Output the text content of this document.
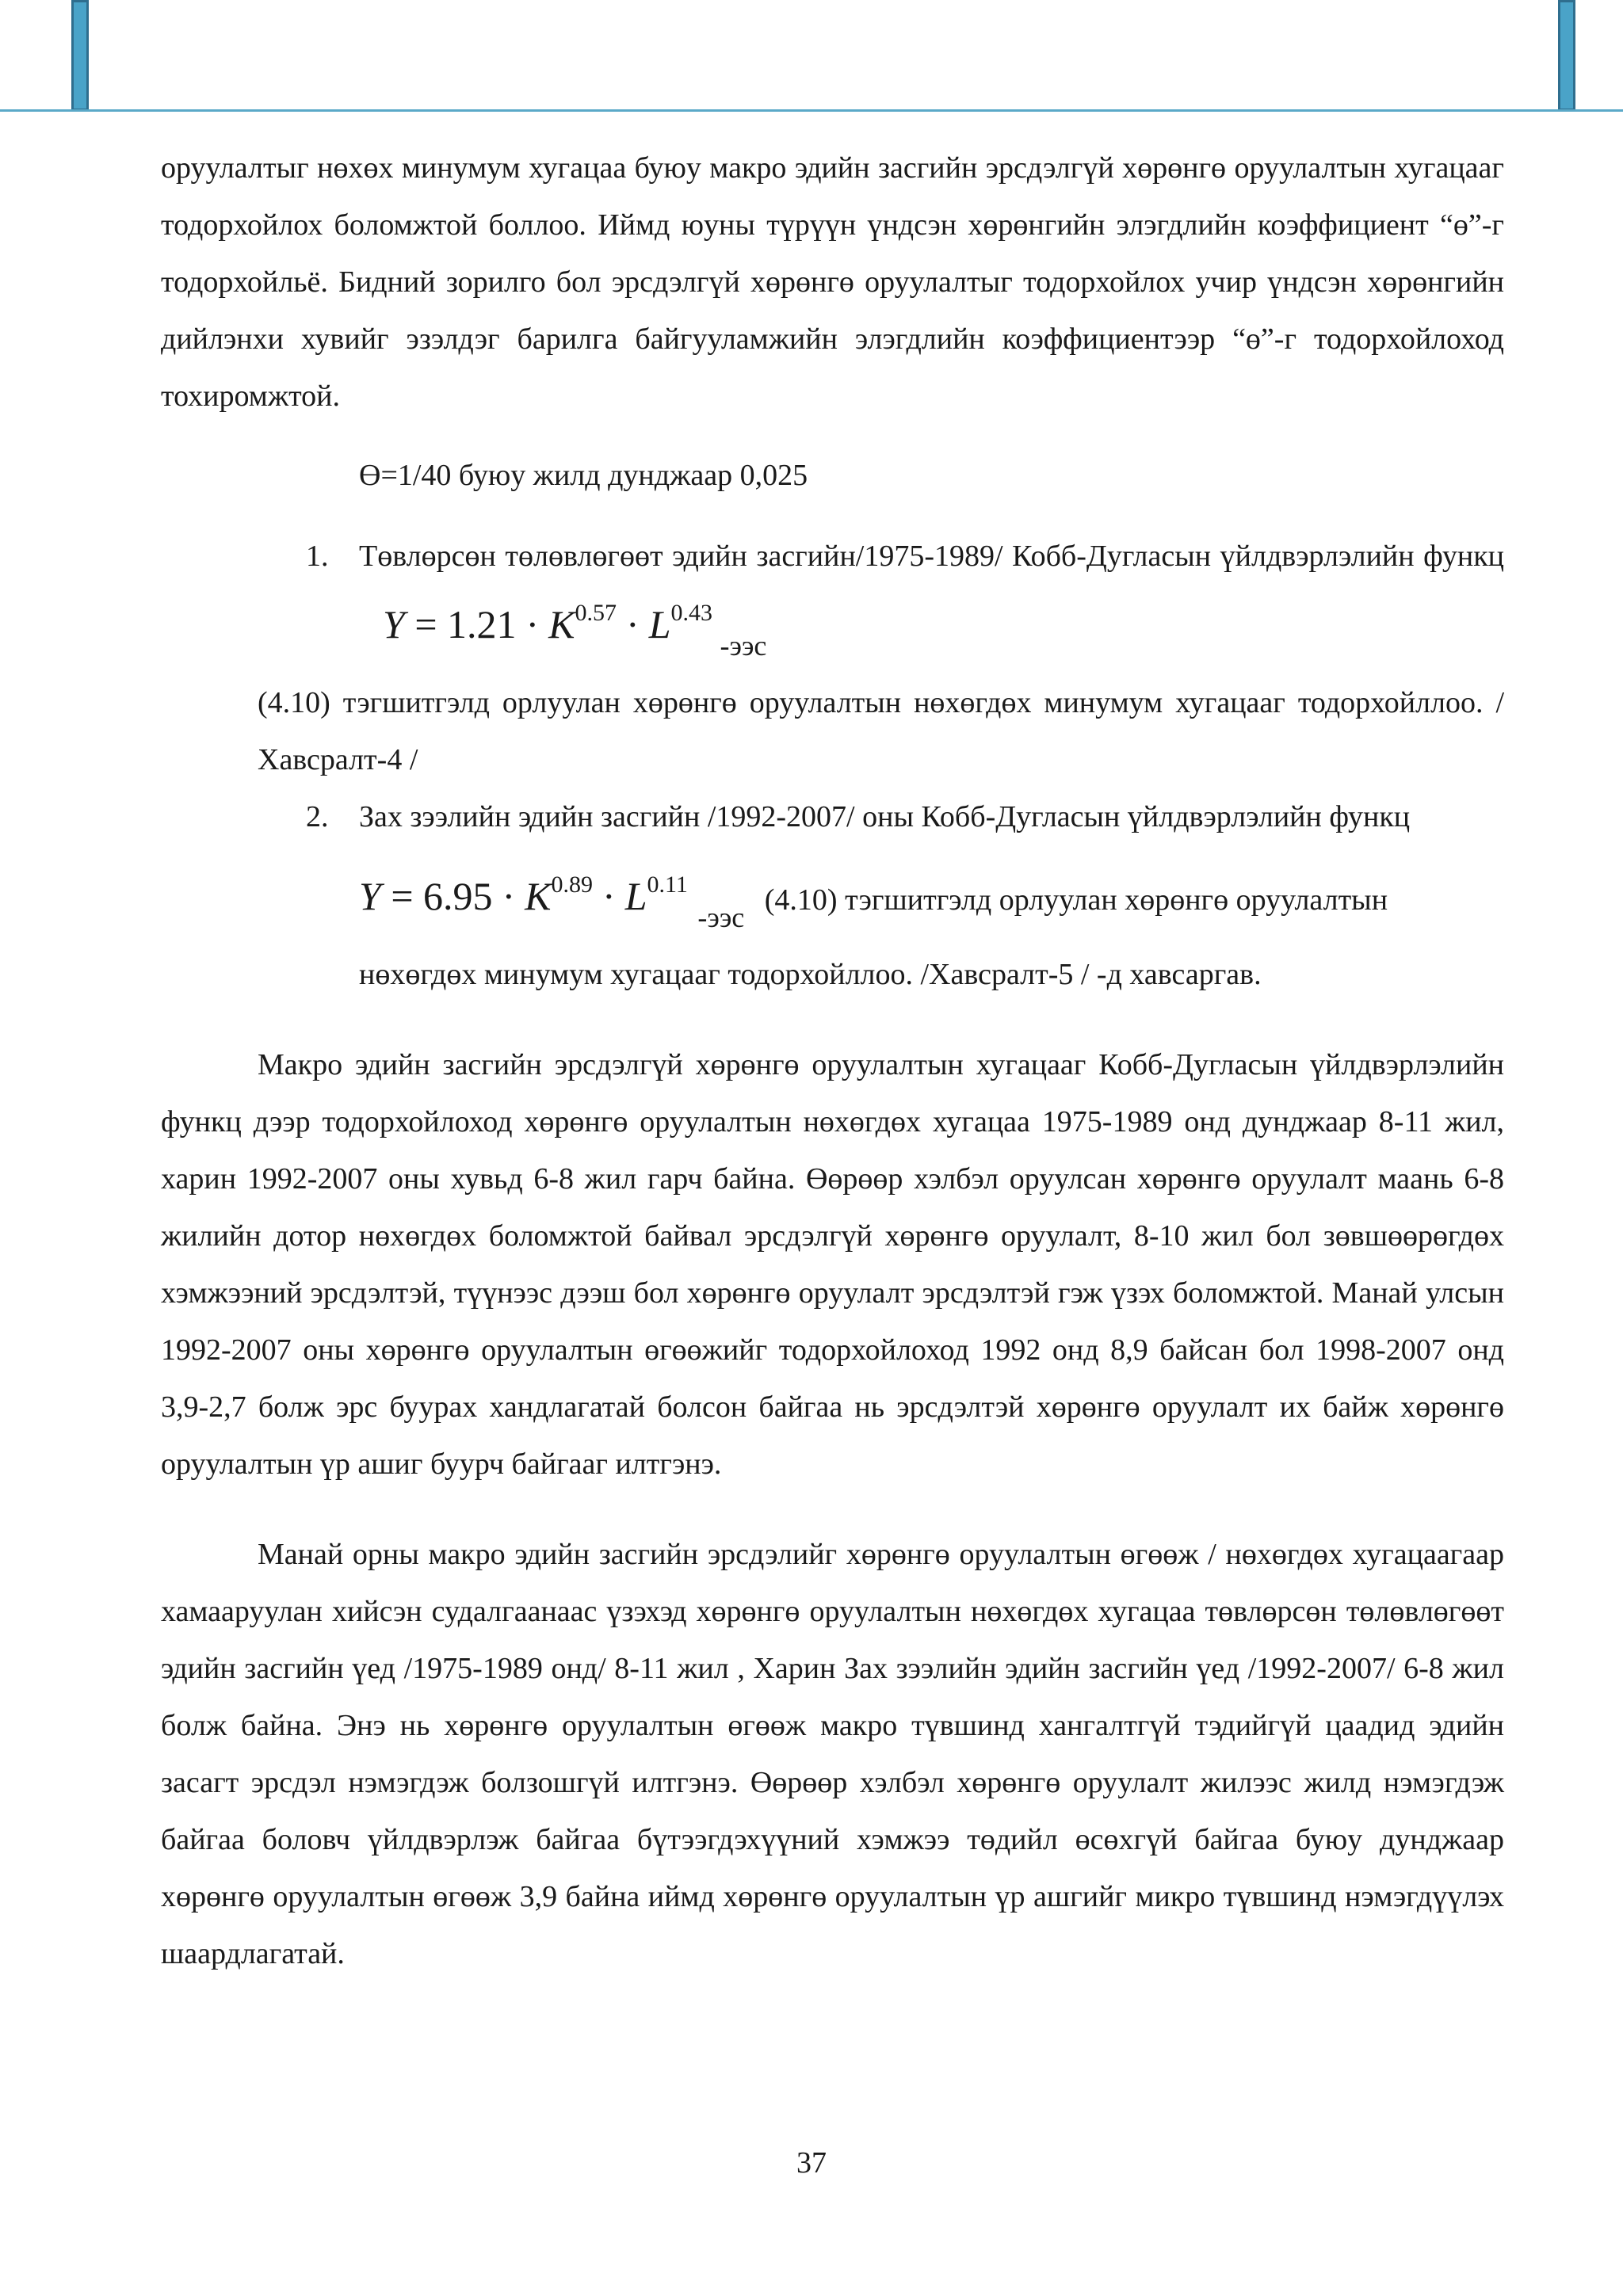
оруулалтыг нөхөх минумум хугацаа буюу макро эдийн засгийн эрсдэлгүй хөрөнгө оруулалтын хугацааг тодорхойлох боломжтой боллоо. Иймд юуны түрүүн үндсэн хөрөнгийн элэгдлийн коэффициент “ө”-г тодорхойльё. Бидний зорилго бол эрсдэлгүй хөрөнгө оруулалтыг тодорхойлох учир үндсэн хөрөнгийн дийлэнхи хувийг эзэлдэг барилга байгууламжийн элэгдлийн коэффициентээр “ө”-г тодорхойлоход тохиромжтой.

Ө=1/40 буюу жилд дунджаар 0,025

1. Төвлөрсөн төлөвлөгөөт эдийн засгийн/1975-1989/ Кобб-Дугласын үйлдвэрлэлийн функц $Y = 1.21 \cdot K^{0.57} \cdot L^{0.43}$ -ээс

(4.10) тэгшитгэлд орлуулан хөрөнгө оруулалтын нөхөгдөх минумум хугацааг тодорхойллоо. / Хавсралт-4 /

2. Зах зээлийн эдийн засгийн /1992-2007/ оны Кобб-Дугласын үйлдвэрлэлийн функц

$Y = 6.95 \cdot K^{0.89} \cdot L^{0.11}$ -ээс (4.10) тэгшитгэлд орлуулан хөрөнгө оруулалтын

нөхөгдөх минумум хугацааг тодорхойллоо. /Хавсралт-5 / -д хавсаргав.

Макро эдийн засгийн эрсдэлгүй хөрөнгө оруулалтын хугацааг Кобб-Дугласын үйлдвэрлэлийн функц дээр тодорхойлоход хөрөнгө оруулалтын нөхөгдөх хугацаа 1975-1989 онд дунджаар 8-11 жил, харин 1992-2007 оны хувьд 6-8 жил гарч байна. Өөрөөр хэлбэл оруулсан хөрөнгө оруулалт маань 6-8 жилийн дотор нөхөгдөх боломжтой байвал эрсдэлгүй хөрөнгө оруулалт, 8-10 жил бол зөвшөөрөгдөх хэмжээний эрсдэлтэй, түүнээс дээш бол хөрөнгө оруулалт эрсдэлтэй гэж үзэх боломжтой. Манай улсын 1992-2007 оны хөрөнгө оруулалтын өгөөжийг тодорхойлоход 1992 онд 8,9 байсан бол 1998-2007 онд 3,9-2,7 болж эрс буурах хандлагатай болсон байгаа нь эрсдэлтэй хөрөнгө оруулалт их байж хөрөнгө оруулалтын үр ашиг буурч байгааг илтгэнэ.

Манай орны макро эдийн засгийн эрсдэлийг хөрөнгө оруулалтын өгөөж / нөхөгдөх хугацаагаар хамааруулан хийсэн судалгаанаас үзэхэд хөрөнгө оруулалтын нөхөгдөх хугацаа төвлөрсөн төлөвлөгөөт эдийн засгийн үед /1975-1989 онд/ 8-11 жил , Харин Зах зээлийн эдийн засгийн үед /1992-2007/ 6-8 жил болж байна. Энэ нь хөрөнгө оруулалтын өгөөж макро түвшинд хангалтгүй тэдийгүй цаадид эдийн засагт эрсдэл нэмэгдэж болзошгүй илтгэнэ. Өөрөөр хэлбэл хөрөнгө оруулалт жилээс жилд нэмэгдэж байгаа боловч үйлдвэрлэж байгаа бүтээгдэхүүний хэмжээ төдийл өсөхгүй байгаа буюу дунджаар хөрөнгө оруулалтын өгөөж 3,9 байна иймд хөрөнгө оруулалтын үр ашгийг микро түвшинд нэмэгдүүлэх шаардлагатай.

37
